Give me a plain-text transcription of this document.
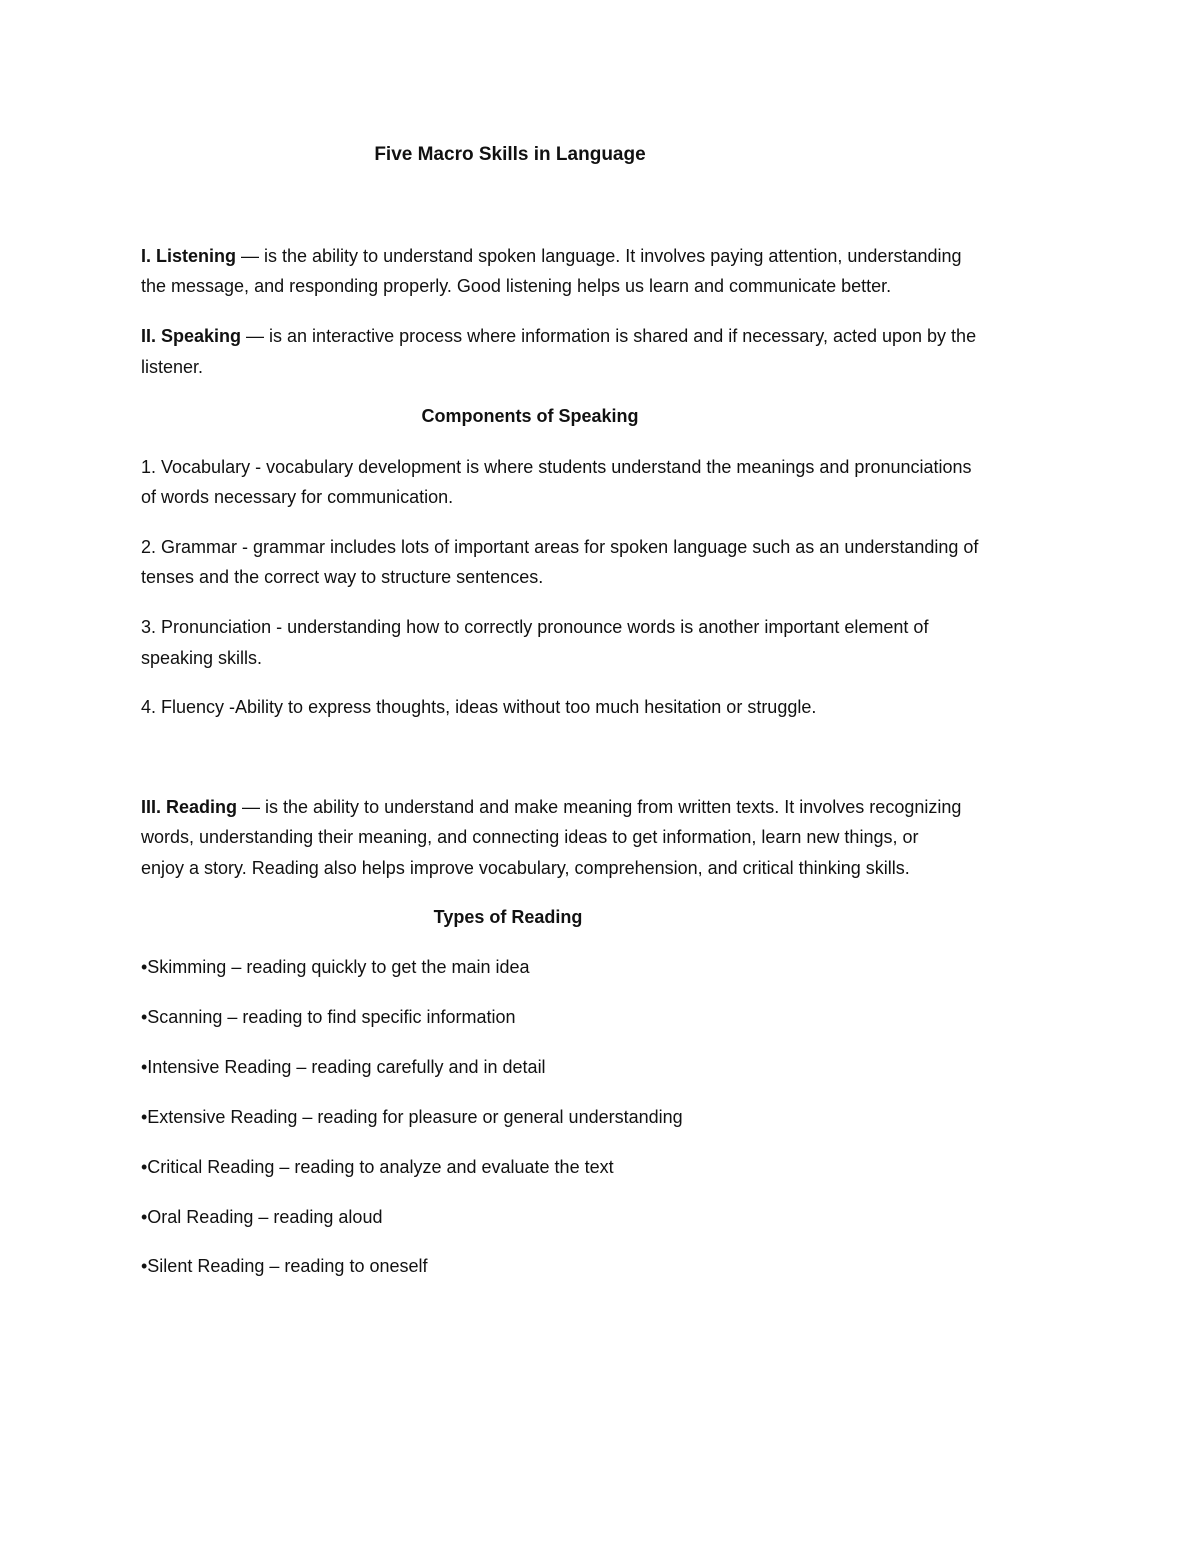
Five Macro Skills in Language
I. Listening — is the ability to understand spoken language. It involves paying attention, understanding
the message, and responding properly. Good listening helps us learn and communicate better.
II. Speaking — is an interactive process where information is shared and if necessary, acted upon by the
listener.
Components of Speaking
1. Vocabulary - vocabulary development is where students understand the meanings and pronunciations
of words necessary for communication.
2. Grammar - grammar includes lots of important areas for spoken language such as an understanding of
tenses and the correct way to structure sentences.
3. Pronunciation - understanding how to correctly pronounce words is another important element of
speaking skills.
4. Fluency -Ability to express thoughts, ideas without too much hesitation or struggle.
III. Reading — is the ability to understand and make meaning from written texts. It involves recognizing
words, understanding their meaning, and connecting ideas to get information, learn new things, or
enjoy a story. Reading also helps improve vocabulary, comprehension, and critical thinking skills.
Types of Reading
•Skimming – reading quickly to get the main idea
•Scanning – reading to find specific information
•Intensive Reading – reading carefully and in detail
•Extensive Reading – reading for pleasure or general understanding
•Critical Reading – reading to analyze and evaluate the text
•Oral Reading – reading aloud
•Silent Reading – reading to oneself
